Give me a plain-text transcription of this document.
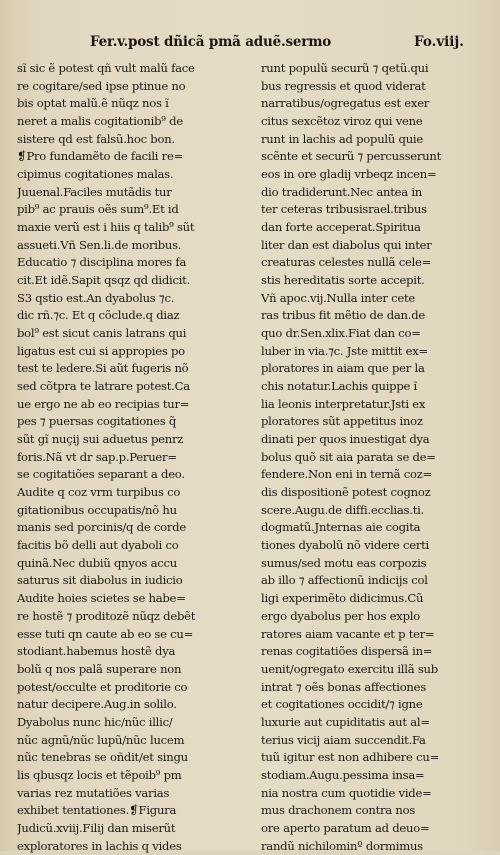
Fer.v.post dñicã pmã aduẽ.sermo	Fo.viij.
sĩ sic ẽ potest qñ vult malũ face
re cogitare/sed ipse ptinue no
bis optat malũ.ẽ nũqz nos ĩ
neret a malis cogitationib⁹ de
sistere qd est falsũ.hoc bon.
❡Pro fundamẽto de facili re=
cipimus cogitationes malas.
Juuenal.Faciles mutãdis tur
pib⁹ ac prauis oẽs sum⁹.Et id
maxie verũ est i hiis q talib⁹ sũt
assueti.Vñ Sen.li.de moribus.
Educatio ⁊ disciplina mores fa
cit.Et idẽ.Sapit qsqz qd didicit.
S3 qstio est.An dyabolus ⁊c.
dic rñ.⁊c. Et q cõclude.q diaz
bol⁹ est sicut canis latrans qui
ligatus est cui si appropies po
test te ledere.Si aũt fugeris nõ
sed cõtpra te latrare potest.Ca
ue ergo ne ab eo recipias tur=
pes ⁊ puersas cogitationes q̃
sũt gĩ nuçij sui aduetus penrz
foris.Nã vt dr sap.p.Peruer=
se cogitatiões separant a deo.
Audite q coz vrm turpibus co
gitationibus occupatis/nõ hu
manis sed porcinis/q de corde
facitis bõ delli aut dyaboli co
quinã.Nec dubiũ qnyos accu
saturus sit diabolus in iudicio
Audite hoies scietes se habe=
re hostẽ ⁊ proditozẽ nũqz debẽt
esse tuti qn caute ab eo se cu=
stodiant.habemus hostẽ dya
bolũ q nos palã superare non
potest/occulte et proditorie co
natur decipere.Aug.in solilo.
Dyabolus nunc hic/nũc illic/
nũc agnũ/nũc lupũ/nũc lucem
nũc tenebras se oñdit/et singu
lis qbusqz locis et tẽpoib⁹ pm
varias rez mutatiões varias
exhibet tentationes.❡Figura
Judicũ.xviij.Filij dan miserũt
exploratores in lachis q vides
runt populũ securũ ⁊ qetũ.qui
bus regressis et quod viderat
narratibus/ogregatus est exer
citus sexcẽtoz viroz qui vene
runt in lachis ad populũ quie
scẽnte et securũ ⁊ percusserunt
eos in ore gladij vrbeqz incen=
dio tradiderunt.Nec antea in
ter ceteras tribusisrael.tribus
dan forte acceperat.Spiritua
liter dan est diabolus qui inter
creaturas celestes nullã cele=
stis hereditatis sorte accepit.
Vñ apoc.vij.Nulla inter cete
ras tribus fit mẽtio de dan.de
quo dr.Sen.xlix.Fiat dan co=
luber in via.⁊c. Jste mittit ex=
ploratores in aiam que per la
chis notatur.Lachis quippe ĩ
lia leonis interpretatur.Jsti ex
ploratores sũt appetitus inoz
dinati per quos inuestigat dya
bolus quõ sit aia parata se de=
fendere.Non eni in ternã coz=
dis dispositionẽ potest cognoz
scere.Augu.de diffi.ecclias.ti.
dogmatũ.Jnternas aie cogita
tiones dyabolũ nõ videre certi
sumus/sed motu eas corpozis
ab illo ⁊ affectionũ indicijs col
ligi experimẽto didicimus.Cũ
ergo dyabolus per hos explo
ratores aiam vacante et p ter=
renas cogitatiões dispersã in=
uenit/ogregato exercitu illã sub
intrat ⁊ oẽs bonas affectiones
et cogitationes occidit/⁊ igne
luxurie aut cupiditatis aut al=
terius vicij aiam succendit.Fa
tuũ igitur est non adhibere cu=
stodiam.Augu.pessima insa=
nia nostra cum quotidie vide=
mus drachonem contra nos
ore aperto paratum ad deuo=
randũ nichilominº dormimus
